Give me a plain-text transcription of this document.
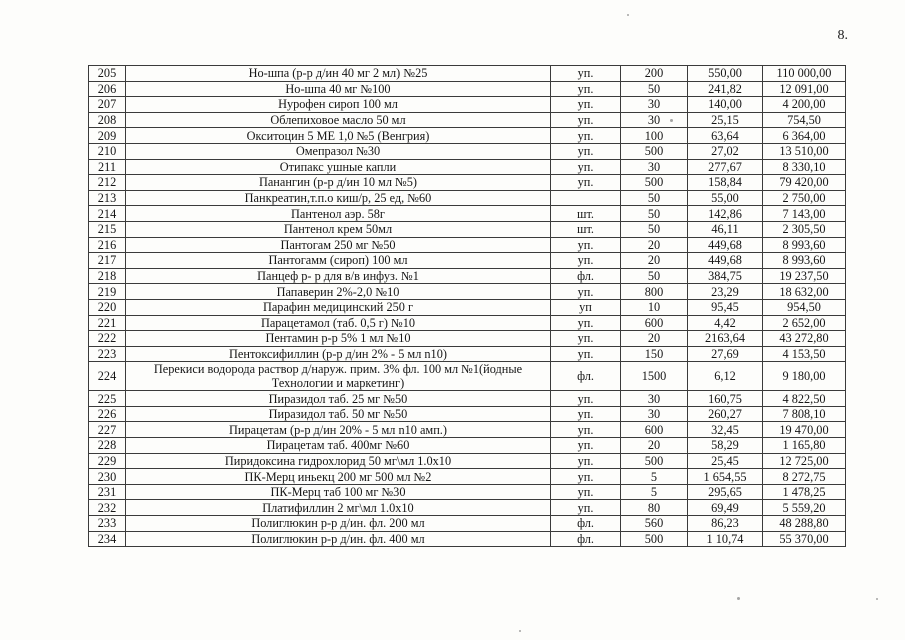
8.
205	Но-шпа (р-р д/ин 40 мг 2 мл) №25	уп.	200	550,00	110 000,00
206	Но-шпа 40 мг №100	уп.	50	241,82	12 091,00
207	Нурофен сироп 100 мл	уп.	30	140,00	4 200,00
208	Облепиховое масло 50 мл	уп.	30	25,15	754,50
209	Окситоцин 5 МЕ 1,0 №5 (Венгрия)	уп.	100	63,64	6 364,00
210	Омепразол №30	уп.	500	27,02	13 510,00
211	Отипакс ушные капли	уп.	30	277,67	8 330,10
212	Панангин (р-р д/ин 10 мл №5)	уп.	500	158,84	79 420,00
213	Панкреатин,т.п.о киш/р, 25 ед, №60		50	55,00	2 750,00
214	Пантенол аэр. 58г	шт.	50	142,86	7 143,00
215	Пантенол крем 50мл	шт.	50	46,11	2 305,50
216	Пантогам 250 мг №50	уп.	20	449,68	8 993,60
217	Пантогамм (сироп) 100 мл	уп.	20	449,68	8 993,60
218	Панцеф р- р для в/в инфуз. №1	фл.	50	384,75	19 237,50
219	Папаверин 2%-2,0 №10	уп.	800	23,29	18 632,00
220	Парафин медицинский 250 г	уп	10	95,45	954,50
221	Парацетамол (таб. 0,5 г) №10	уп.	600	4,42	2 652,00
222	Пентамин р-р 5% 1 мл №10	уп.	20	2163,64	43 272,80
223	Пентоксифиллин (р-р д/ин 2% - 5 мл n10)	уп.	150	27,69	4 153,50
224	Перекиси водорода раствор д/наруж. прим. 3% фл. 100 мл №1(йодные Технологии и маркетинг)	фл.	1500	6,12	9 180,00
225	Пиразидол таб. 25 мг №50	уп.	30	160,75	4 822,50
226	Пиразидол таб. 50 мг №50	уп.	30	260,27	7 808,10
227	Пирацетам (р-р д/ин 20% - 5 мл n10 амп.)	уп.	600	32,45	19 470,00
228	Пирацетам таб. 400мг №60	уп.	20	58,29	1 165,80
229	Пиридоксина гидрохлорид 50 мг\мл 1.0х10	уп.	500	25,45	12 725,00
230	ПК-Мерц иньекц 200 мг 500 мл №2	уп.	5	1 654,55	8 272,75
231	ПК-Мерц таб 100 мг №30	уп.	5	295,65	1 478,25
232	Платифиллин 2 мг\мл 1.0х10	уп.	80	69,49	5 559,20
233	Полиглюкин р-р д/ин. фл. 200 мл	фл.	560	86,23	48 288,80
234	Полиглюкин р-р д/ин. фл. 400 мл	фл.	500	1 10,74	55 370,00
